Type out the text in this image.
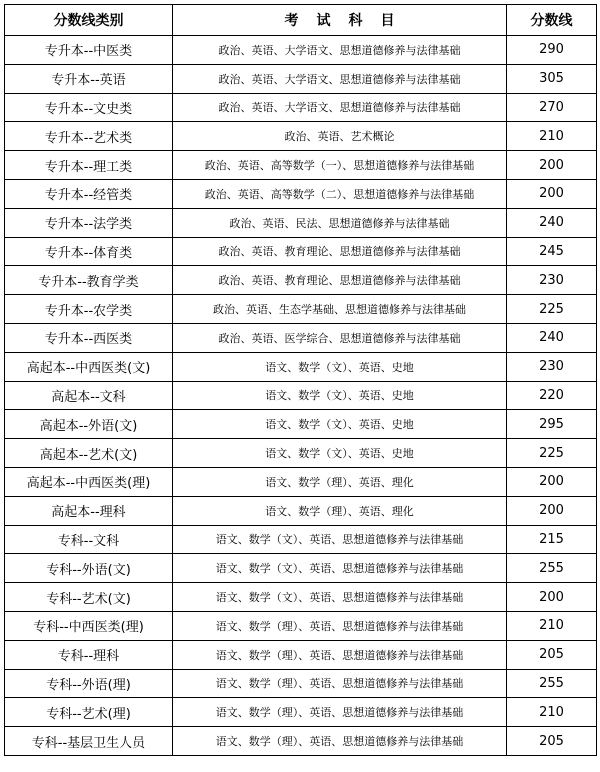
分数线类别	考试科目	分数线
专升本--中医类	政治、英语、大学语文、思想道德修养与法律基础	290
专升本--英语	政治、英语、大学语文、思想道德修养与法律基础	305
专升本--文史类	政治、英语、大学语文、思想道德修养与法律基础	270
专升本--艺术类	政治、英语、艺术概论	210
专升本--理工类	政治、英语、高等数学（一）、思想道德修养与法律基础	200
专升本--经管类	政治、英语、高等数学（二）、思想道德修养与法律基础	200
专升本--法学类	政治、英语、民法、思想道德修养与法律基础	240
专升本--体育类	政治、英语、教育理论、思想道德修养与法律基础	245
专升本--教育学类	政治、英语、教育理论、思想道德修养与法律基础	230
专升本--农学类	政治、英语、生态学基础、思想道德修养与法律基础	225
专升本--西医类	政治、英语、医学综合、思想道德修养与法律基础	240
高起本--中西医类(文)	语文、数学（文）、英语、史地	230
高起本--文科	语文、数学（文）、英语、史地	220
高起本--外语(文)	语文、数学（文）、英语、史地	295
高起本--艺术(文)	语文、数学（文）、英语、史地	225
高起本--中西医类(理)	语文、数学（理）、英语、理化	200
高起本--理科	语文、数学（理）、英语、理化	200
专科--文科	语文、数学（文）、英语、思想道德修养与法律基础	215
专科--外语(文)	语文、数学（文）、英语、思想道德修养与法律基础	255
专科--艺术(文)	语文、数学（文）、英语、思想道德修养与法律基础	200
专科--中西医类(理)	语文、数学（理）、英语、思想道德修养与法律基础	210
专科--理科	语文、数学（理）、英语、思想道德修养与法律基础	205
专科--外语(理)	语文、数学（理）、英语、思想道德修养与法律基础	255
专科--艺术(理)	语文、数学（理）、英语、思想道德修养与法律基础	210
专科--基层卫生人员	语文、数学（理）、英语、思想道德修养与法律基础	205
